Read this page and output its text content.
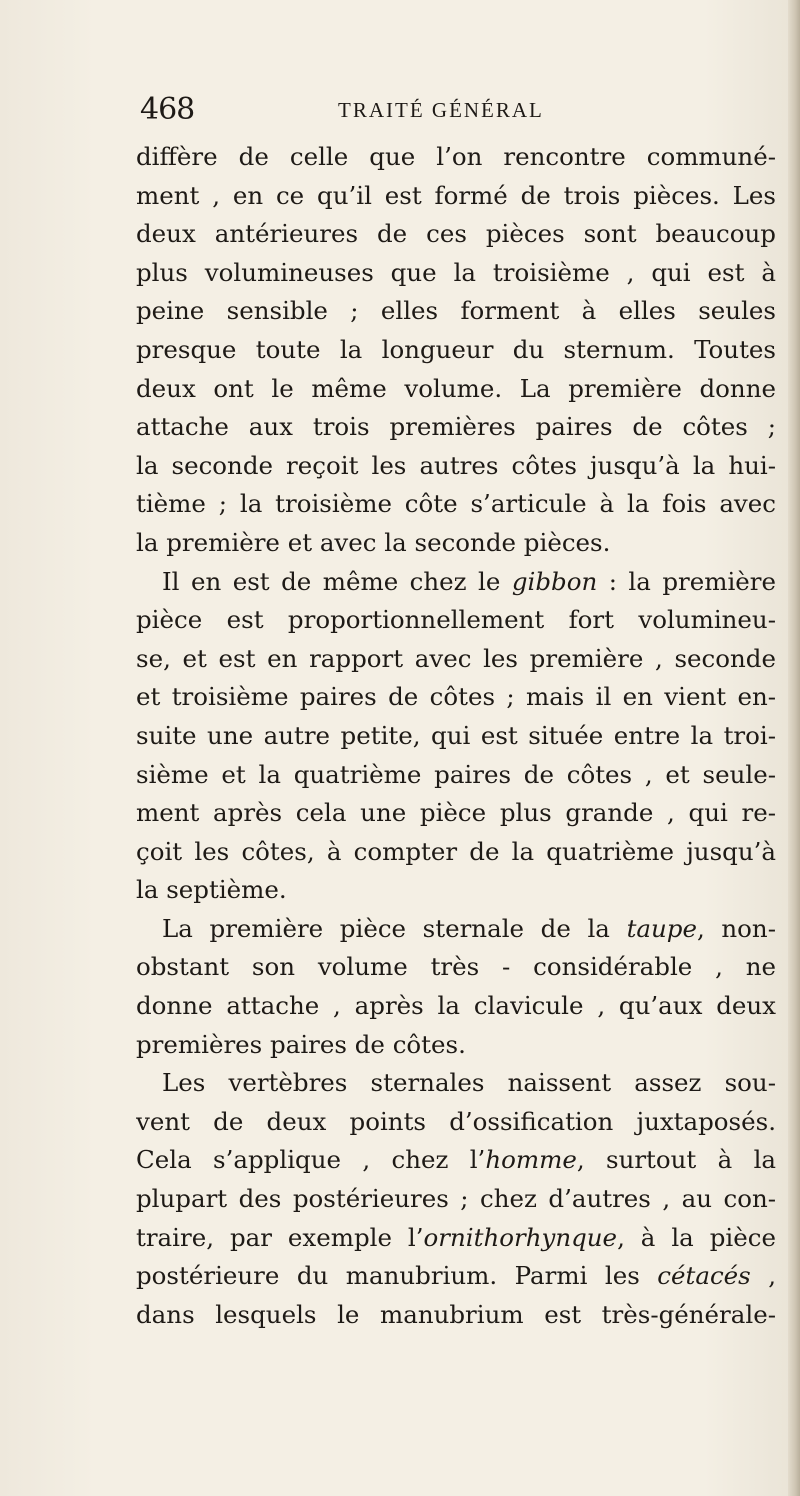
468	TRAITÉ GÉNÉRAL
diffère de celle que l’on rencontre communé-
ment , en ce qu’il est formé de trois pièces. Les
deux antérieures de ces pièces sont beaucoup
plus volumineuses que la troisième , qui est à
peine sensible ; elles forment à elles seules
presque toute la longueur du sternum. Toutes
deux ont le même volume. La première donne
attache aux trois premières paires de côtes ;
la seconde reçoit les autres côtes jusqu’à la hui-
tième ; la troisième côte s’articule à la fois avec
la première et avec la seconde pièces.
Il en est de même chez le gibbon : la première
pièce est proportionnellement fort volumineu-
se, et est en rapport avec les première , seconde
et troisième paires de côtes ; mais il en vient en-
suite une autre petite, qui est située entre la troi-
sième et la quatrième paires de côtes , et seule-
ment après cela une pièce plus grande , qui re-
çoit les côtes, à compter de la quatrième jusqu’à
la septième.
La première pièce sternale de la taupe, non-
obstant son volume très - considérable , ne
donne attache , après la clavicule , qu’aux deux
premières paires de côtes.
Les vertèbres sternales naissent assez sou-
vent de deux points d’ossification juxtaposés.
Cela s’applique , chez l’homme, surtout à la
plupart des postérieures ; chez d’autres , au con-
traire, par exemple l’ornithorhynque, à la pièce
postérieure du manubrium. Parmi les cétacés ,
dans lesquels le manubrium est très-générale-
